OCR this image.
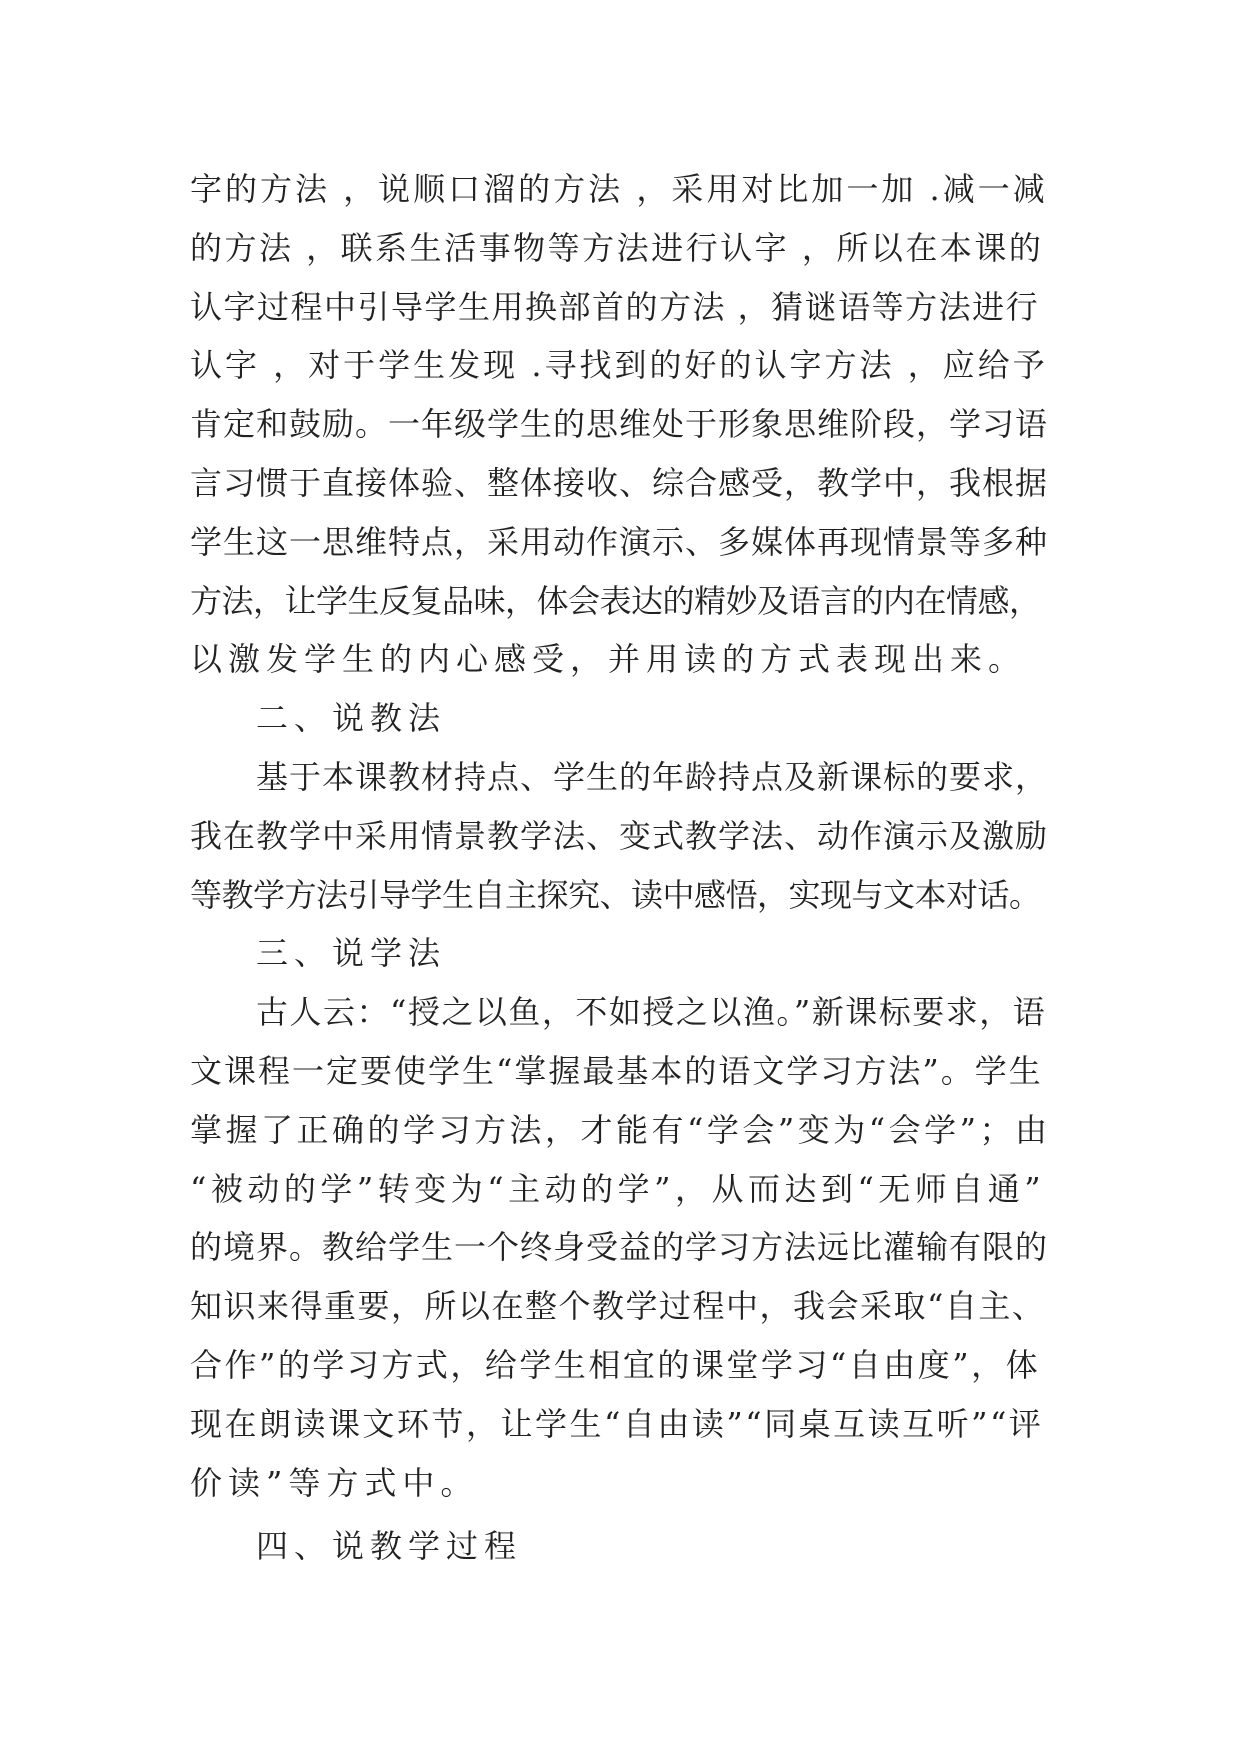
字的方法 ，说顺口溜的方法 ，采用对比加一加 .减一减
的方法 ，联系生活事物等方法进行认字 ，所以在本课的
认字过程中引导学生用换部首的方法 ，猜谜语等方法进行
认字 ，对于学生发现 .寻找到的好的认字方法 ，应给予
肯定和鼓励。一年级学生的思维处于形象思维阶段，学习语
言习惯于直接体验、整体接收、综合感受，教学中，我根据
学生这一思维特点，采用动作演示、多媒体再现情景等多种
方法，让学生反复品味，体会表达的精妙及语言的内在情感，
以激发学生的内心感受，并用读的方式表现出来。
二、说教法
基于本课教材持点、学生的年龄持点及新课标的要求，
我在教学中采用情景教学法、变式教学法、动作演示及激励
等教学方法引导学生自主探究、读中感悟，实现与文本对话。
三、说学法
古人云：“授之以鱼，不如授之以渔。”新课标要求，语
文课程一定要使学生“掌握最基本的语文学习方法”。学生
掌握了正确的学习方法，才能有“学会”变为“会学”；由
“被动的学”转变为“主动的学”，从而达到“无师自通”
的境界。教给学生一个终身受益的学习方法远比灌输有限的
知识来得重要，所以在整个教学过程中，我会采取“自主、
合作”的学习方式，给学生相宜的课堂学习“自由度”，体
现在朗读课文环节，让学生“自由读”“同桌互读互听”“评
价读”等方式中。
四、说教学过程
